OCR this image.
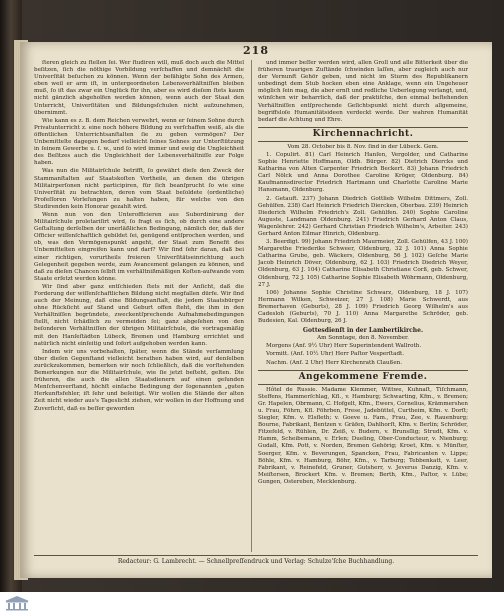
218

ſteren gleich zu ſtellen ſei. Wer ſtudiren will, muß doch auch die Mittel beſitzen, ſich die nöthige Vorbildung verſchaffen und demnächſt die Univerſität beſuchen zu können. Wenn der befähigte Sohn des Armen, eben weil er arm iſt, in untergeordneten Lebensverhältniſſen bleiben muß, ſo iſt das zwar ein Unglück für ihn, aber es wird dieſem ſtets kaum nicht gänzlich abgeholfen werden können, wenn auch der Staat den Unterricht, Univerſitäten und Bildungsſchulen nicht aufzunehmen, übernimmt.

Wie kann es z. B. dem Reichen verwehrt, wenn er ſeinem Sohne durch Privatunterricht z. eine noch höhere Bildung zu verſchaffen weiß, als die öffentlichen Unterrichtsanſtalten ſie zu geben vermögen? Der Unbemittelte dagegen bedarf vielleicht ſeines Sohnes zur Unterſtützung in ſeinem Gewerbe u. ſ. w., und ſo wird immer und ewig die Ungleichheit des Beſitzes auch die Ungleichheit der Lebensverhältniſſe zur Folge haben.

Was nun die Militairſchule betrifft, ſo gewährt dieſe den Zweck der Stammanſtalten auf Staatskoſten Vortheile, an denen die übrigen Militairperſonen nicht participiren, für ſich beanſprucht ſo wie eine Univerſität zu betrachten, deren vom Staat beſoldete (ordentliche) Profeſſoren Vorleſungen zu halten haben, für welche von den Studirenden kein Honorar gezahlt wird.

Wenn nun von den Unterofficieren aus Subordinirung der Militairſchule proletariſirt wird, ſo fragt es ſich, ob durch eine andere Geſtaltung derſelben der unerläßlichen Bedingung, nämlich der, daß der Officier wiſſenſchaftlich gebildet ſei, genügend entſprochen werden, und ob, was den Vermögenspunkt angeht, der Staat zum Benefit des Unbemittelten eingreifen kann und darf? Wir ſind ſehr daran, daß bei einer richtigen, vorurtheils freieren Univerſitätseinrichtung auch Gelegenheit gegeben werde, zum Avancement gelangen zu können, und daß zu dieſen Chancen ſelbſt im verhältnißmäßigen Koſten-aufwande vom Staate erſetzt werden könne.

Wir ſind aber ganz entſchieden ſtets mit der Anſicht, daß die Forderung der wiſſenſchaftlichen Bildung nicht megfallen dürfe. Wir ſind auch der Meinung, daß eine Bildungsanſtalt, die jedem Staatsbürger ohne Rückſicht auf Stand und Geburt offen ſteht, die ihm in den Verhältniſſen begründete, zweckentſprechende Aufnahmebedingungen ſtellt, nicht ſchädlich zu vermeiden ſei; ganz abgeſehen von den beſonderen Verhältniſſen der übrigen Militairſchule, die vortragsmäßig mit den Hanſeſtädten Lübeck, Bremen und Hamburg errichtet und natürlich nicht einſeitig und ſofort aufgehoben werden kann.

Indem wir uns vorbehalten, ſpäter, wenn die Stände verſammlung über dieſen Gegenſtand vielleicht berathen haben wird, auf denſelben zurückzukommen, bemerken wir noch ſchließlich, daß die vorſtehenden Bemerkungen nur die Militairſchule, wie ſie jetzt beſteht, gelten. Die früheren, die auch die allen Staatsdienern auf einen geſunden Menſchenverſtand, höchſt einfache Bedingung der ſogenannten „guten Herkunftsfehler, iſt ſehr und beſeitigt. Wir wollen die Stände der alten Zeit nicht wieder aus's Tageslicht ziehen, wir wollen in der Hoffnung und Zuverſicht, daß es beſſer geworden

und immer beſſer werden wird, allen Groll und alle Bitterkeit über die früheren traurigen Zuſtände ſchwinden laſſen, aber zugleich auch nur der Vernunft Gehör geben, und nicht im Sturm des Republikanern unbedingt dem Stub hocken eben eine Anklage, wenn ein Ungeheuer möglich ſein mag, die aber ernſt und redliche Ueberlegung verlangt, und, wünſchen wir beharrlich, daß der praktiſche, den einmal beſtehenden Verhältniſſen entſprechende Geſichtspunkt nicht durch allgemeine, begriffsloſe Humanitätsideen verdeckt werde. Der wahren Humanität bedarf die Achtung und Ehre.

Kirchennachricht.
Vom 28. October bis 8. Nov. ſind in der Lübeck. Gem.

1. Copulirt. 81) Carl Heinrich Hanſen, Vergolder, und Catharine Sophie Henriette Hoffmann, Oldb. Bürger. 82) Dietrich Diercks und Katharina von Alten Carpenter Friedrich Beckert. 83) Johann Friedrich Carl Nölck und Anna Dorothee Caroline Kröger, Oldenburg. 84) Kaufmannsdirector Friedrich Hartmann und Charlotte Caroline Marie Hansmann, Oldenburg.

2. Getauft. 237) Johann Diedrich Gottlieb Wilhelm Dittmers, Zoll. Gehülfen. 238) Carl Heinrich Friedrich Diercken, Oberbau. 239) Heinrich Diederich Wilhelm Friedrich's Zoll. Gehülfen. 240) Sophie Caroline Auguste, Landmann Oldenburg. 241) Friedrich Gerhard Anton Claus, Wagenlehrer. 242) Gerhard Christian Friedrich Wilhelm's, Arbeiter. 243) Gerhard Anton Eilmar Hinrich, Oldenburg.

3. Beerdigt. 99) Johann Friedrich Maurmeier, Zoll. Gehülfen, 43 J. 100) Margarethe Friederike Schweer, Oldenburg, 32 J. 101) Anna Sophie Catharina Grube, geb. Wäckers, Oldenburg, 56 J. 102) Geſche Marie Jacob Heinrich Döver, Oldenburg, 62 J. 103) Friedrich Diedrich Weyer, Oldenburg, 63 J. 104) Catharine Elisabeth Christiane Corß, geb. Schwer, Oldenburg, 72 J. 105) Catharine Sophie Elisabeth Wöhrmann, Oldenburg, 27 J.

106) Johanne Sophie Christine Schwarz, Oldenburg, 18 J. 107) Hermann Wilken, Schweizer, 27 J. 108) Marie Schwerdt, aus Bremerhaven (Geburts), 28 J. 109) Friedrich Georg Wilhelm's aus Cadesloh (Geburts), 70 J. 110) Anna Margarethe Schröder, geb. Budesien, Kal. Oldenburg, 26 J.

Gottesdienſt in der Lambertikirche.
Am Sonntage, den 8. November.

Morgens (Anf. 9½ Uhr) Herr Superintendent Wallroth.

Vormitt. (Anf. 10½ Uhr) Herr Paſtor Vesperſtadt.

Nachm. (Anf. 2 Uhr) Herr Kirchenrath Claußen.

Angekommene Fremde.

Hôtel de Russie. Madame Klemmer, Wittwe, Kuhnaſt, Tiſchmann, Steffens, Hammerſchlag, Kfl., v. Hamburg; Schwarting, Kfm., v. Bremen; Gr. Hapelen, Obrmann, C. Hofgelt, Kfm., Ewers, Cornelius, Krämmershen u. Frau, Föhrn, Kfl. Föhrben, Frese, Jadebüttel, Curtheim, Kfm. v. Dorſt; Siegler, Kfm. v. Elsfleth; v. Goeve u. Fam., Frau, Zee, v. Rauenburg; Bourne, Fabrikant, Bentzen v. Gräfen, Dahlhorſt, Kfm. v. Berlin; Schröder, Fitzefeld, v. Rühlen, Dr. Zeiß, v. Budern, v. Brunsſlig; Strudt, Kfm. v. Hamm, Scheibemann, v. Erlen; Dueling, Ober-Conducteur, v. Nienburg; Gudall, Kfm. Pott, v. Norden, Bremen Gehörig; Kroet, Kfm. v. Münſter, Soerger, Kfm. v. Beverungen, Spancken, Frau, Fabricanten v. Lippe; Böhle, Kfm. v. Hamburg, Böhr, Kfm., v. Tarburg; Tebbenkatt, v. Leer, Fabrikant, v. Reinefeld, Gruner, Gutsherr, v. Jeverus Danzig, Kfm. v. Meiſtersen, Brockert Kfm. v. Bremen; Berth, Kfm., Paſtor, v. Lübe; Gungen, Ostereben, Mecklenburg.

Redacteur: G. Lambrecht. — Schnellpreſſendruck und Verlag: Schulze'ſche Buchhandlung.
